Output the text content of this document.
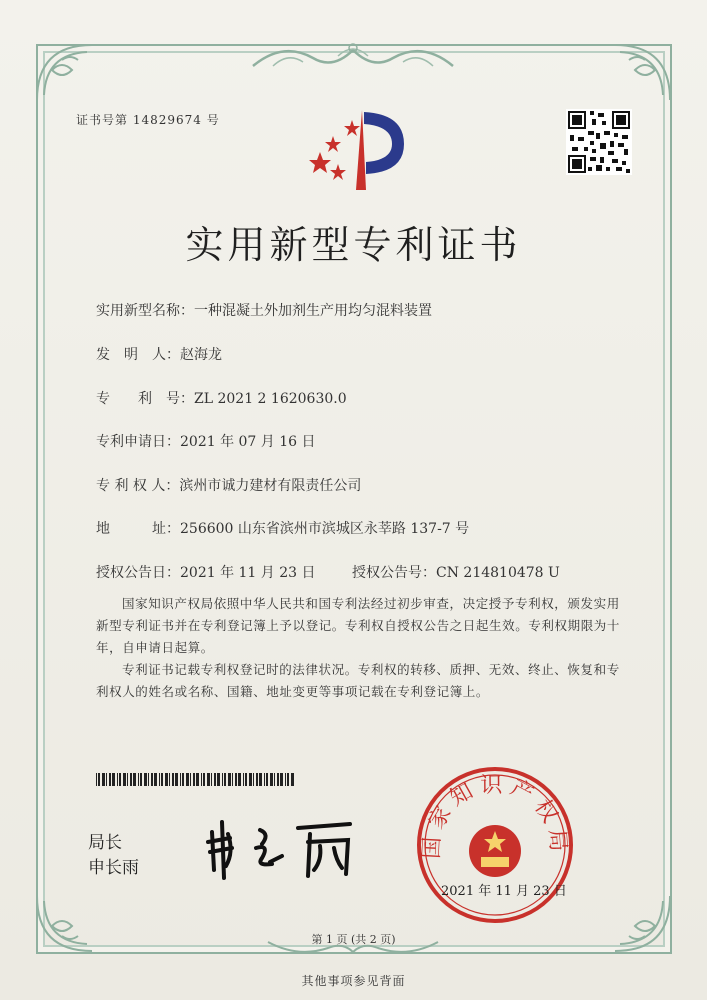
证书号第 14829674 号
实用新型专利证书
实用新型名称：一种混凝土外加剂生产用均匀混料装置
发　明　人：赵海龙
专　　利　号：ZL 2021 2 1620630.0
专利申请日：2021 年 07 月 16 日
专 利 权 人：滨州市诚力建材有限责任公司
地　　　址：256600 山东省滨州市滨城区永莘路 137-7 号
授权公告日：2021 年 11 月 23 日	授权公告号：CN 214810478 U
国家知识产权局依照中华人民共和国专利法经过初步审查，决定授予专利权，颁发实用新型专利证书并在专利登记簿上予以登记。专利权自授权公告之日起生效。专利权期限为十年，自申请日起算。
专利证书记载专利权登记时的法律状况。专利权的转移、质押、无效、终止、恢复和专利权人的姓名或名称、国籍、地址变更等事项记载在专利登记簿上。
局长
申长雨
国家知识产权局
2021 年 11 月 23 日
第 1 页 (共 2 页)
其他事项参见背面
